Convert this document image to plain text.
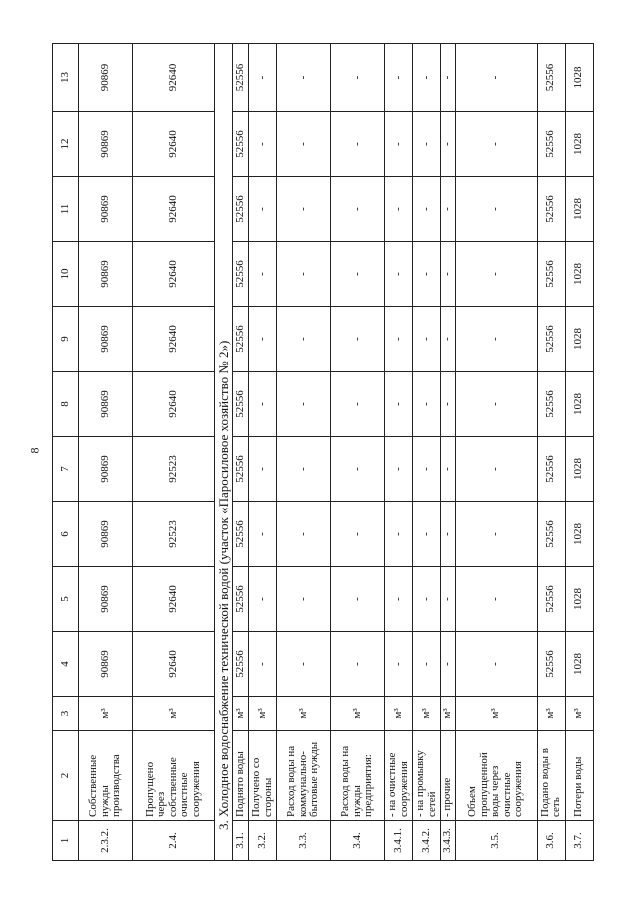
8
1	2	3	4	5	6	7	8	9	10	11	12	13
2.3.2.	Собственные нужды производства	м³	90869	90869	90869	90869	90869	90869	90869	90869	90869	90869
2.4.	Пропущено через собственные очистные сооружения	м³	92640	92640	92523	92523	92640	92640	92640	92640	92640	92640
3. Холодное водоснабжение технической водой (участок «Паросиловое хозяйство № 2»)												
3.1.	Поднято воды	м³	52556	52556	52556	52556	52556	52556	52556	52556	52556	52556
3.2.	Получено со стороны	м³	-	-	-	-	-	-	-	-	-	-
3.3.	Расход воды на коммунально-бытовые нужды	м³	-	-	-	-	-	-	-	-	-	-
3.4.	Расход воды на нужды предприятия:	м³	-	-	-	-	-	-	-	-	-	-
3.4.1.	- на очистные сооружения	м³	-	-	-	-	-	-	-	-	-	-
3.4.2.	- на промывку сетей	м³	-	-	-	-	-	-	-	-	-	-
3.4.3.	- прочие	м³	-	-	-	-	-	-	-	-	-	-
3.5.	Объем пропущенной воды через очистные сооружения	м³	-	-	-	-	-	-	-	-	-	-
3.6.	Подано воды в сеть	м³	52556	52556	52556	52556	52556	52556	52556	52556	52556	52556
3.7.	Потери воды	м³	1028	1028	1028	1028	1028	1028	1028	1028	1028	1028
